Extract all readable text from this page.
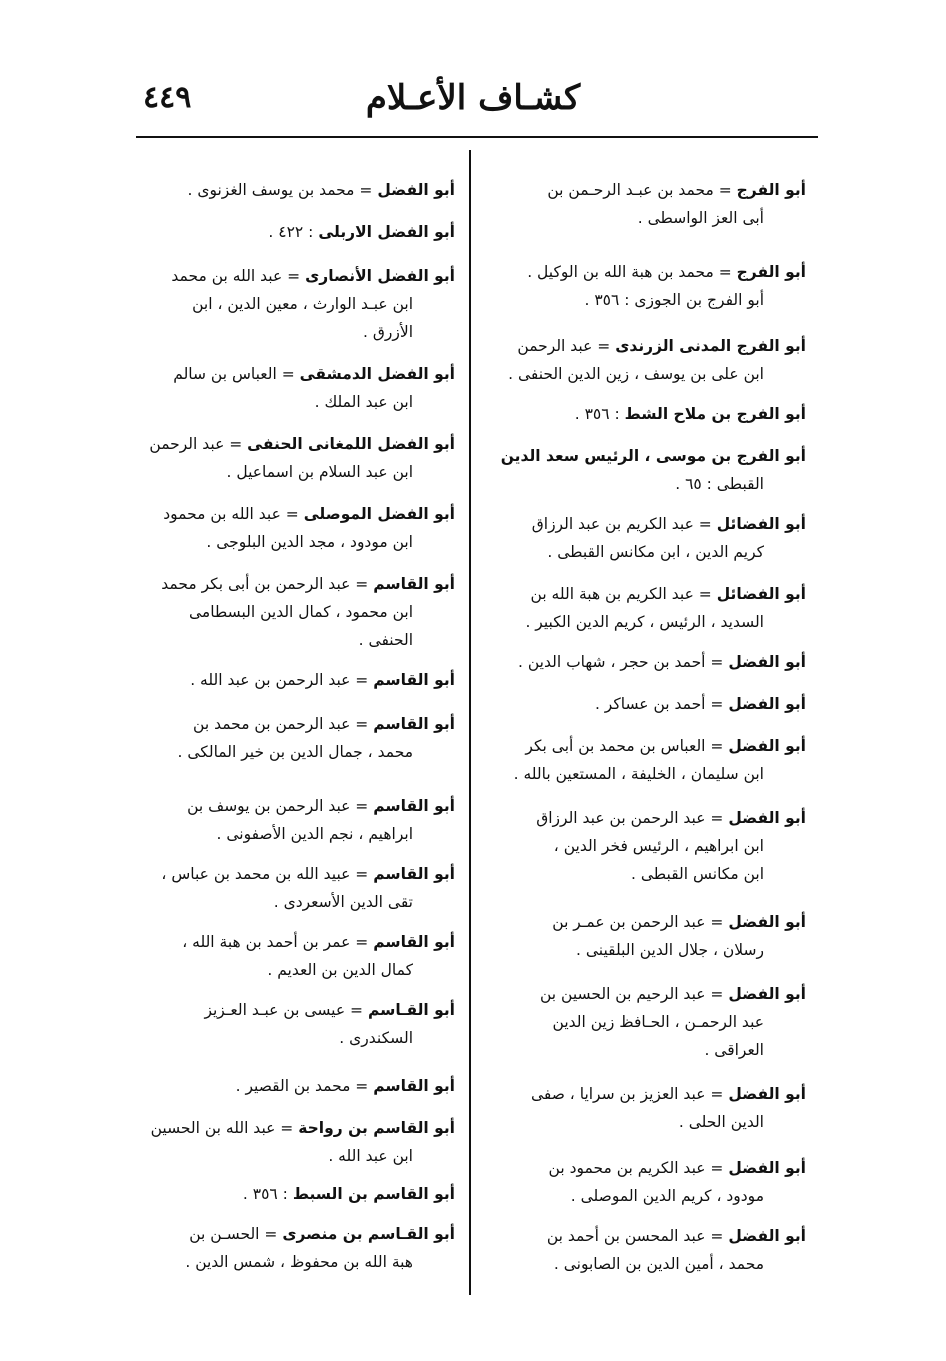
كشـاف الأعـلام
٤٤٩
أبو الفرج = محمد بن عبـد الرحـمن بن
أبى العز الواسطى .
أبو الفرج = محمد بن هبة الله بن الوكيل .
أبو الفرج بن الجوزى : ٣٥٦ .
أبو الفرج المدنى الزرندى = عبد الرحمن
ابن على بن يوسف ، زين الدين الحنفى .
أبو الفرج بن ملاح الشط : ٣٥٦ .
أبو الفرج بن موسى ، الرئيس سعد الدين
القبطى : ٦٥ .
أبو الفضائل = عبد الكريم بن عبد الرزاق
كريم الدين ، ابن مكانس القبطى .
أبو الفضائل = عبد الكريم بن هبة الله بن
السديد ، الرئيس ، كريم الدين الكبير .
أبو الفضل = أحمد بن حجر ، شهاب الدين .
أبو الفضل = أحمد بن عساكر .
أبو الفضل = العباس بن محمد بن أبى بكر
ابن سليمان ، الخليفة ، المستعين بالله .
أبو الفضل = عبد الرحمن بن عبد الرزاق
ابن ابراهيم ، الرئيس فخر الدين ،
ابن مكانس القبطى .
أبو الفضل = عبد الرحمن بن عمـر بن
رسلان ، جلال الدين البلقينى .
أبو الفضل = عبد الرحيم بن الحسين بن
عبد الرحمـن ، الحـافظ زين الدين
العراقى .
أبو الفضل = عبد العزيز بن سرايا ، صفى
الدين الحلى .
أبو الفضل = عبد الكريم بن محمود بن
مودود ، كريم الدين الموصلى .
أبو الفضل = عبد المحسن بن أحمد بن
محمد ، أمين الدين بن الصابونى .
أبو الفضل = محمد بن يوسف الغزنوى .
أبو الفضل الاربلى : ٤٢٢ .
أبو الفضل الأنصارى = عبد الله بن محمد
ابن عبـد الوارث ، معين الدين ، ابن
الأزرق .
أبو الفضل الدمشقى = العباس بن سالم
ابن عبد الملك .
أبو الفضل اللمغانى الحنفى = عبد الرحمن
ابن عبد السلام بن اسماعيل .
أبو الفضل الموصلى = عبد الله بن محمود
ابن مودود ، مجد الدين البلوجى .
أبو القاسم = عبد الرحمن بن أبى بكر محمد
ابن محمود ، كمال الدين البسطامى
الحنفى .
أبو القاسم = عبد الرحمن بن عبد الله .
أبو القاسم = عبد الرحمن بن محمد بن
محمد ، جمال الدين بن خير المالكى .
أبو القاسم = عبد الرحمن بن يوسف بن
ابراهيم ، نجم الدين الأصفونى .
أبو القاسم = عبيد الله بن محمد بن عباس ،
تقى الدين الأسعردى .
أبو القاسم = عمر بن أحمد بن هبة الله ،
كمال الدين بن العديم .
أبو القـاسم = عيسى بن عبـد العـزيز
السكندرى .
أبو القاسم = محمد بن القصير .
أبو القاسم بن رواحة = عبد الله بن الحسين
ابن عبد الله .
أبو القاسم بن السبط : ٣٥٦ .
أبو القـاسم بن منصرى = الحسـن بن
هبة الله بن محفوظ ، شمس الدين .
